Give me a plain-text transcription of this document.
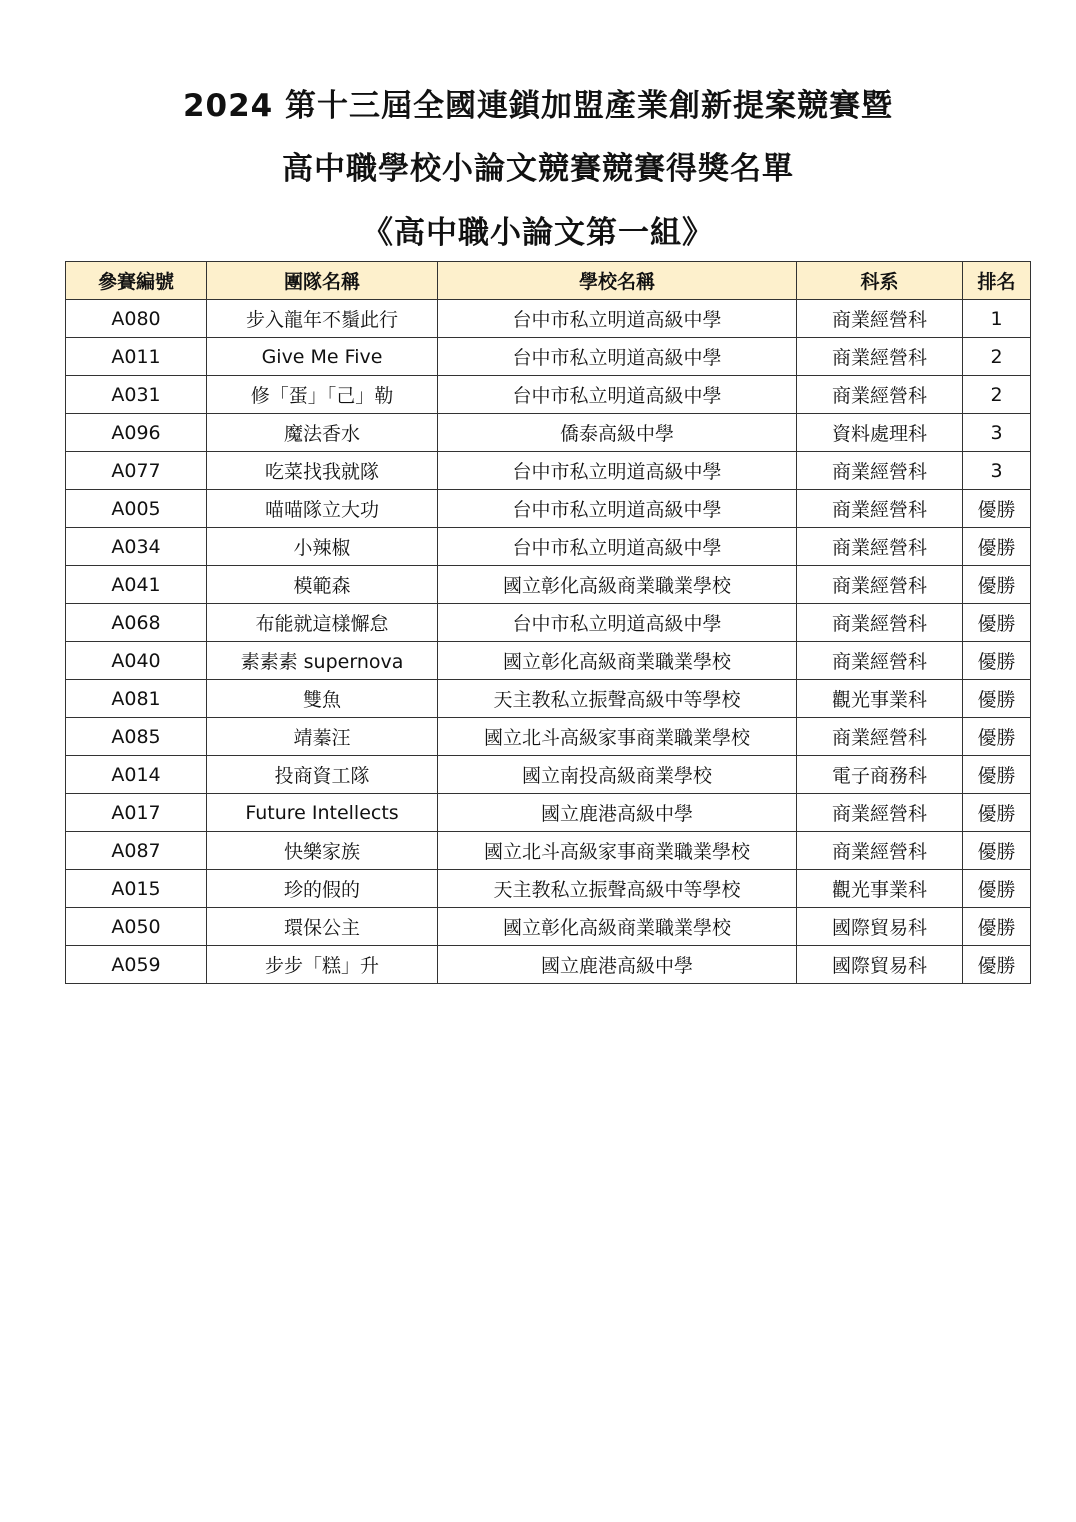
2024 第十三屆全國連鎖加盟產業創新提案競賽暨
高中職學校小論文競賽競賽得獎名單
《高中職小論文第一組》
參賽編號	團隊名稱	學校名稱	科系	排名
A080	步入龍年不鬚此行	台中市私立明道高級中學	商業經營科	1
A011	Give Me Five	台中市私立明道高級中學	商業經營科	2
A031	修「蛋」「己」勒	台中市私立明道高級中學	商業經營科	2
A096	魔法香水	僑泰高級中學	資料處理科	3
A077	吃菜找我就隊	台中市私立明道高級中學	商業經營科	3
A005	喵喵隊立大功	台中市私立明道高級中學	商業經營科	優勝
A034	小辣椒	台中市私立明道高級中學	商業經營科	優勝
A041	模範森	國立彰化高級商業職業學校	商業經營科	優勝
A068	布能就這樣懈怠	台中市私立明道高級中學	商業經營科	優勝
A040	素素素 supernova	國立彰化高級商業職業學校	商業經營科	優勝
A081	雙魚	天主教私立振聲高級中等學校	觀光事業科	優勝
A085	靖蓁汪	國立北斗高級家事商業職業學校	商業經營科	優勝
A014	投商資工隊	國立南投高級商業學校	電子商務科	優勝
A017	Future Intellects	國立鹿港高級中學	商業經營科	優勝
A087	快樂家族	國立北斗高級家事商業職業學校	商業經營科	優勝
A015	珍的假的	天主教私立振聲高級中等學校	觀光事業科	優勝
A050	環保公主	國立彰化高級商業職業學校	國際貿易科	優勝
A059	步步「糕」升	國立鹿港高級中學	國際貿易科	優勝
